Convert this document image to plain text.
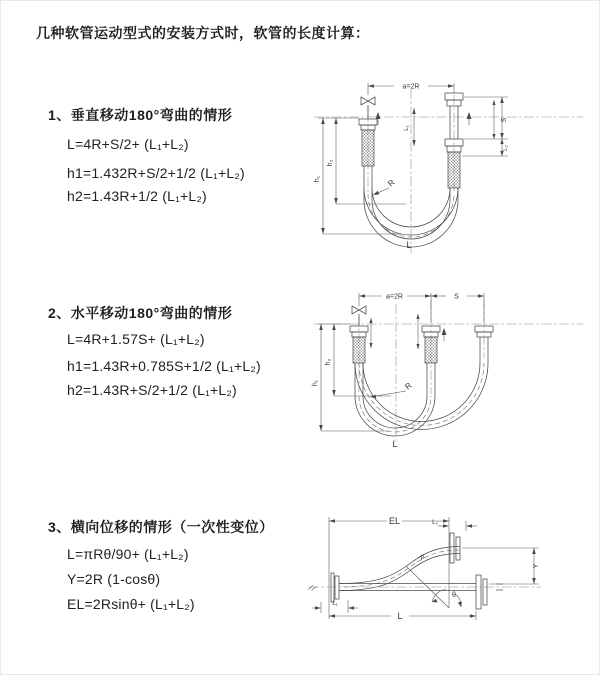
几种软管运动型式的安装方式时，软管的长度计算：
1、垂直移动180°弯曲的情形
L=4R+S/2+ (L₁+L₂)
h1=1.432R+S/2+1/2 (L₁+L₂)
h2=1.43R+1/2 (L₁+L₂)
2、水平移动180°弯曲的情形
L=4R+1.57S+ (L₁+L₂)
h1=1.43R+0.785S+1/2 (L₁+L₂)
h2=1.43R+S/2+1/2 (L₁+L₂)
3、横向位移的情形（一次性变位）
L=πRθ/90+ (L₁+L₂)
Y=2R (1-cosθ)
EL=2Rsinθ+ (L₁+L₂)
a=2R
S
L₂
L₁
h₂
h₁	R
L
a=2R	S
h₂
h₁	R
L
EL	L₂
Y
R
θ
L
L₁
